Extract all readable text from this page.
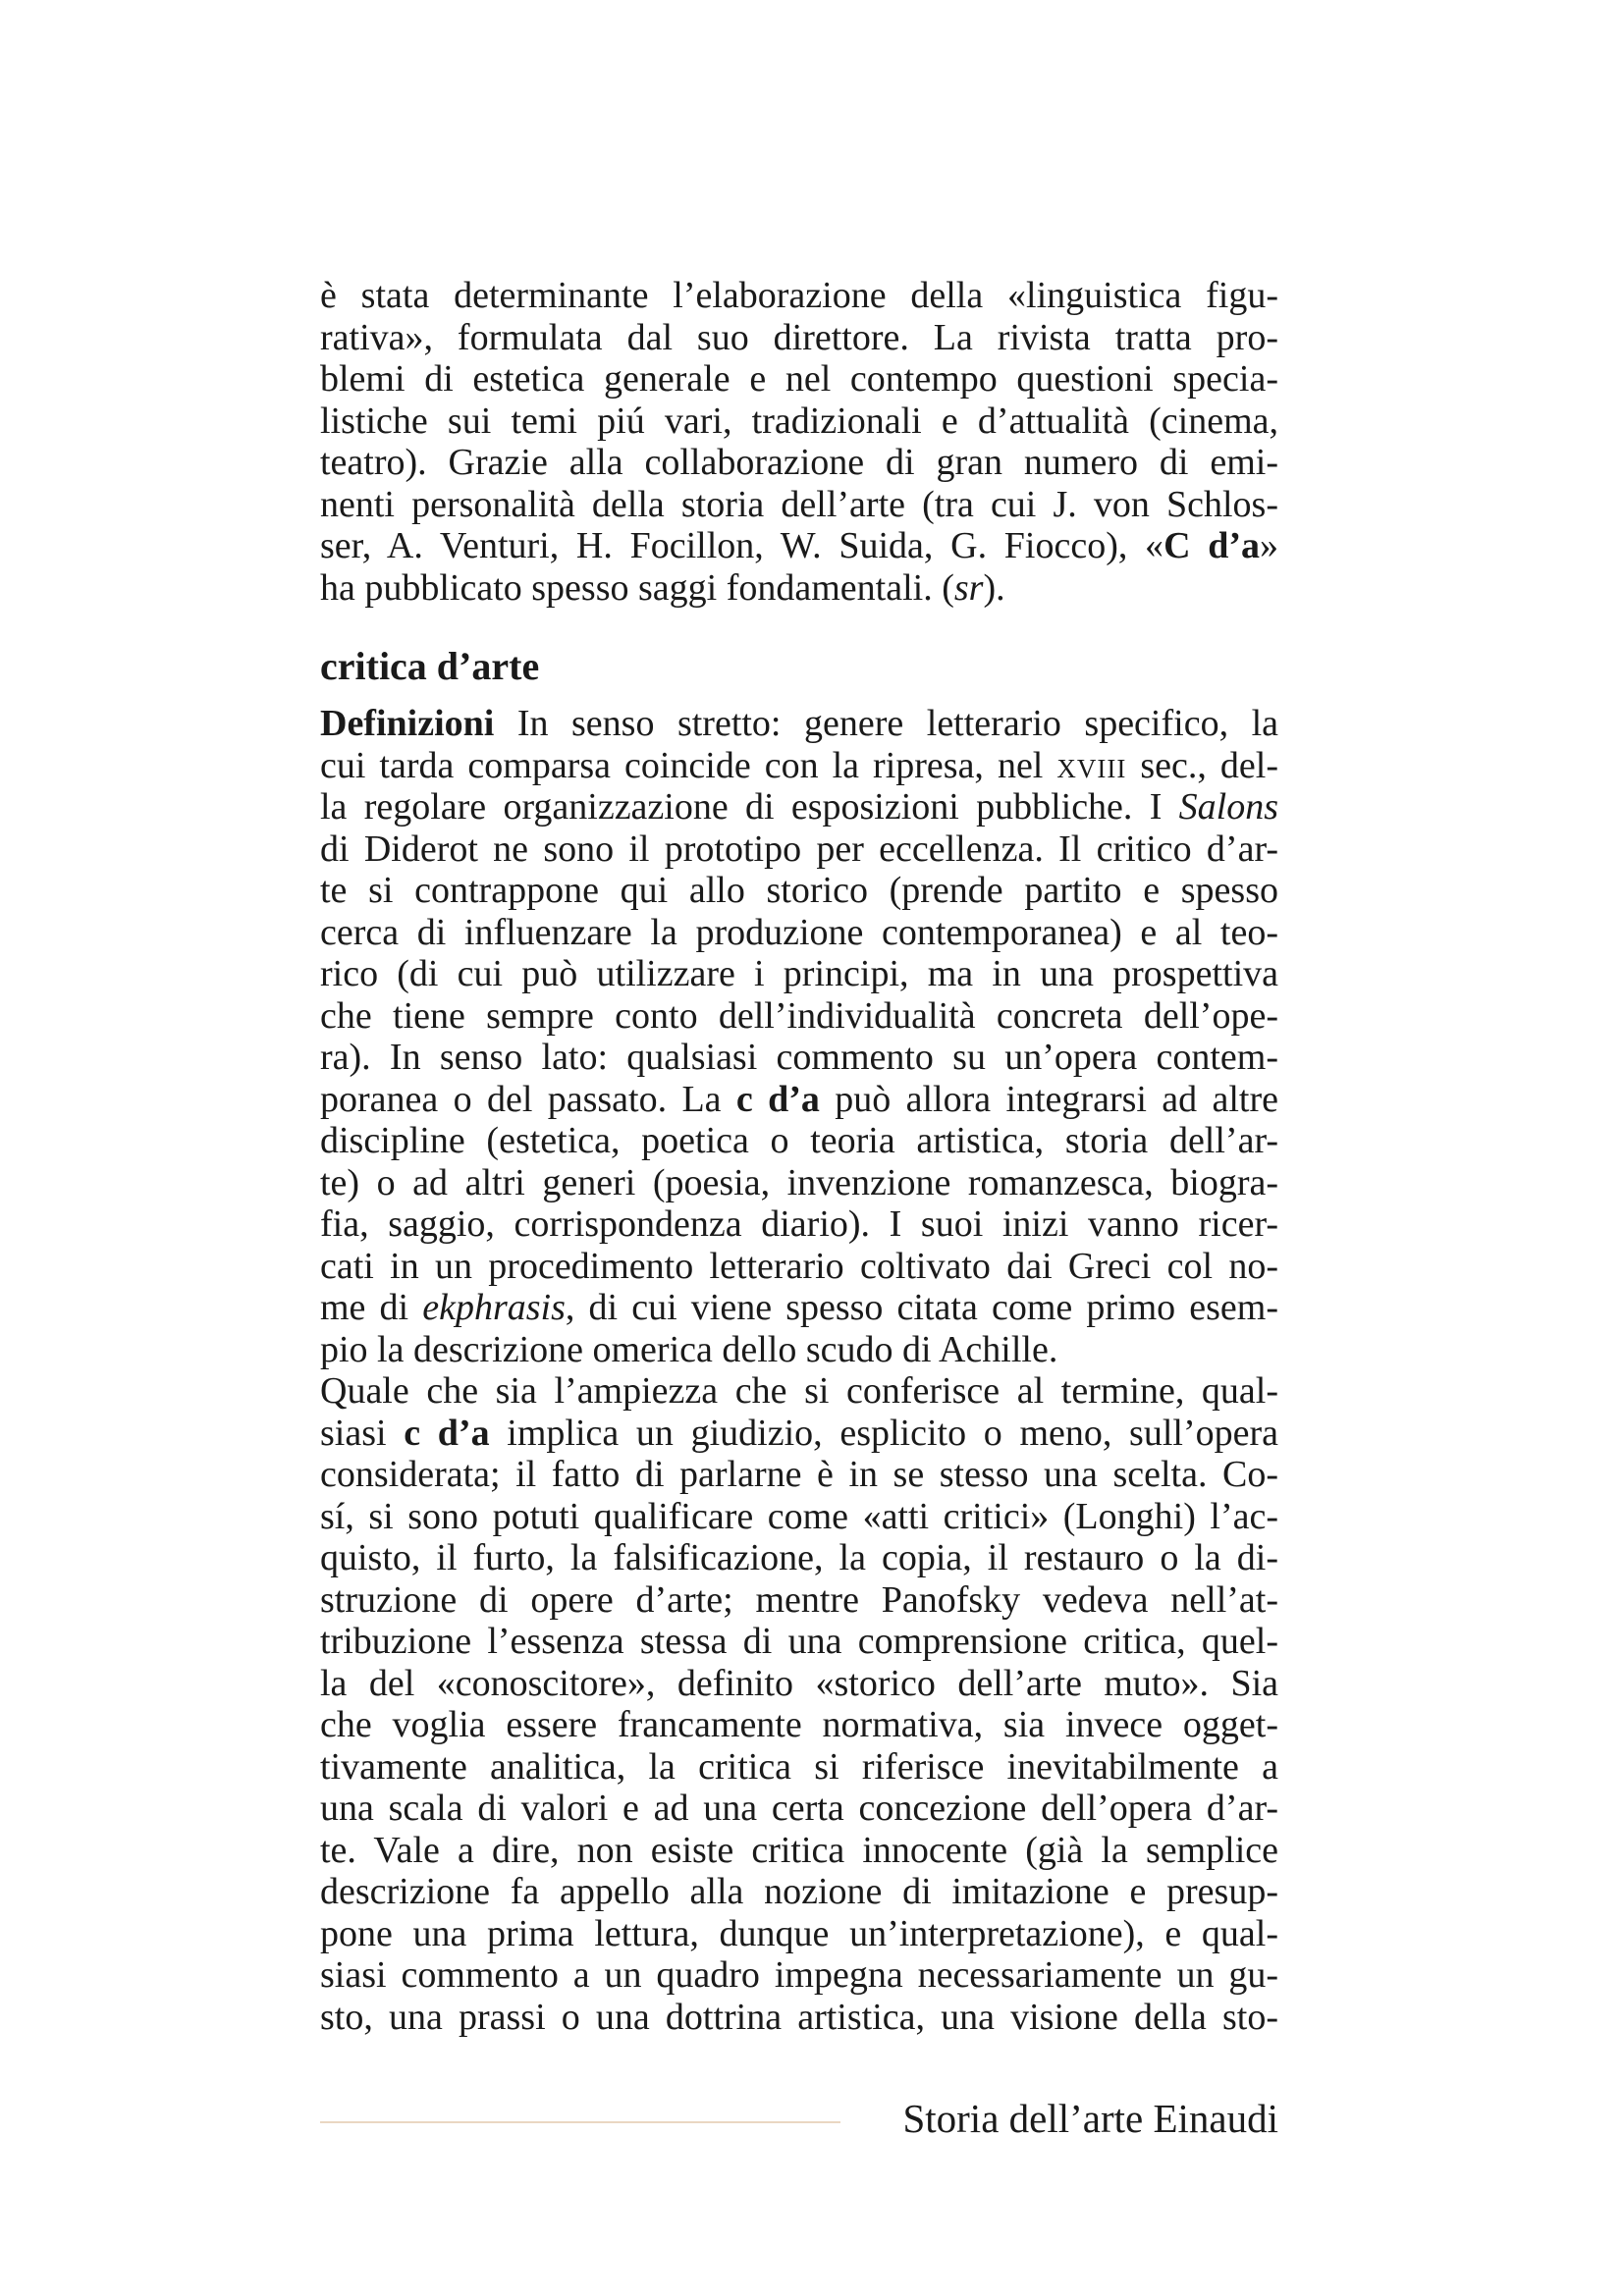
è stata determinante l’elaborazione della «linguistica figu-
rativa», formulata dal suo direttore. La rivista tratta pro-
blemi di estetica generale e nel contempo questioni specia-
listiche sui temi piú vari, tradizionali e d’attualità (cinema,
teatro). Grazie alla collaborazione di gran numero di emi-
nenti personalità della storia dell’arte (tra cui J. von Schlos-
ser, A. Venturi, H. Focillon, W. Suida, G. Fiocco), «C d’a»
ha pubblicato spesso saggi fondamentali. (sr).
critica d’arte
Definizioni In senso stretto: genere letterario specifico, la
cui tarda comparsa coincide con la ripresa, nel xviii sec., del-
la regolare organizzazione di esposizioni pubbliche. I Salons
di Diderot ne sono il prototipo per eccellenza. Il critico d’ar-
te si contrappone qui allo storico (prende partito e spesso
cerca di influenzare la produzione contemporanea) e al teo-
rico (di cui può utilizzare i principi, ma in una prospettiva
che tiene sempre conto dell’individualità concreta dell’ope-
ra). In senso lato: qualsiasi commento su un’opera contem-
poranea o del passato. La c d’a può allora integrarsi ad altre
discipline (estetica, poetica o teoria artistica, storia dell’ar-
te) o ad altri generi (poesia, invenzione romanzesca, biogra-
fia, saggio, corrispondenza diario). I suoi inizi vanno ricer-
cati in un procedimento letterario coltivato dai Greci col no-
me di ekphrasis, di cui viene spesso citata come primo esem-
pio la descrizione omerica dello scudo di Achille.
Quale che sia l’ampiezza che si conferisce al termine, qual-
siasi c d’a implica un giudizio, esplicito o meno, sull’opera
considerata; il fatto di parlarne è in se stesso una scelta. Co-
sí, si sono potuti qualificare come «atti critici» (Longhi) l’ac-
quisto, il furto, la falsificazione, la copia, il restauro o la di-
struzione di opere d’arte; mentre Panofsky vedeva nell’at-
tribuzione l’essenza stessa di una comprensione critica, quel-
la del «conoscitore», definito «storico dell’arte muto». Sia
che voglia essere francamente normativa, sia invece ogget-
tivamente analitica, la critica si riferisce inevitabilmente a
una scala di valori e ad una certa concezione dell’opera d’ar-
te. Vale a dire, non esiste critica innocente (già la semplice
descrizione fa appello alla nozione di imitazione e presup-
pone una prima lettura, dunque un’interpretazione), e qual-
siasi commento a un quadro impegna necessariamente un gu-
sto, una prassi o una dottrina artistica, una visione della sto-
Storia dell’arte Einaudi
